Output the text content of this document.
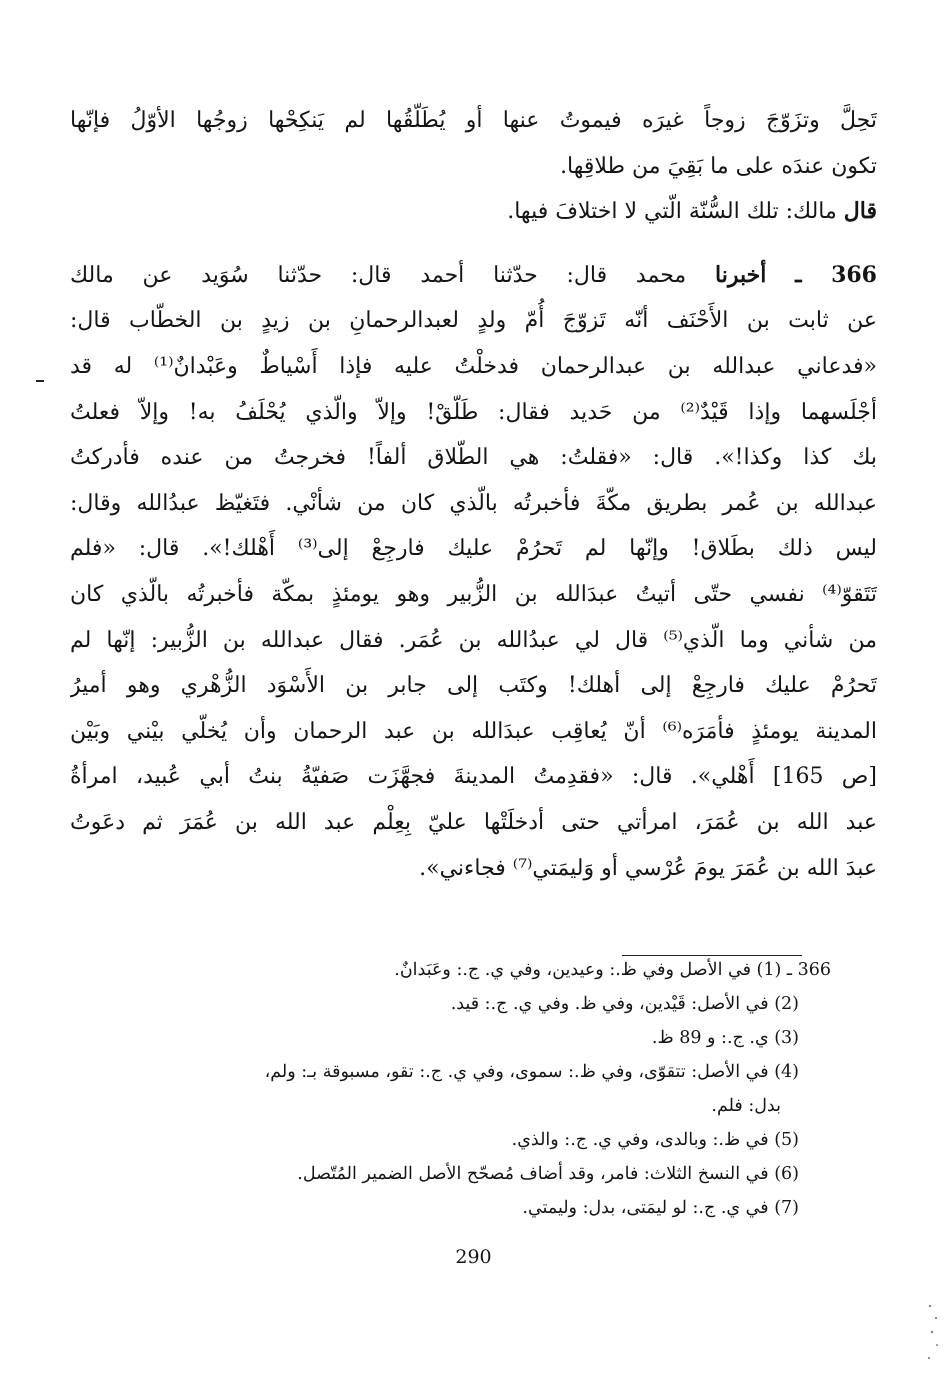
تَحِلَّ وتزَوّجَ زوجاً غيرَه فيموتُ عنها أو يُطَلّقُها لم يَنكِحْها زوجُها الأوّلُ فإنّها
تكون عندَه على ما بَقِيَ من طلاقِها.
قال مالك: تلك السُّنّة الّتي لا اختلافَ فيها.
366 ـ أخبرنا محمد قال: حدّثنا أحمد قال: حدّثنا سُوَيد عن مالك
عن ثابت بن الأَحْنَف أنّه تَزوّجَ أُمّ ولدٍ لعبدالرحمانِ بن زيدٍ بن الخطّاب قال:
«فدعاني عبدالله بن عبدالرحمان فدخلْتُ عليه فإذا أَسْياطٌ وعَبْدانٌ⁽¹⁾ له قد
أجْلَسهما وإذا قَيْدٌ⁽²⁾ من حَديد فقال: طَلّقْ! وإلاّ والّذي يُحْلَفُ به! وإلاّ فعلتُ
بك كذا وكذا!». قال: «فقلتُ: هي الطّلاق ألفاً! فخرجتُ من عنده فأدركتُ
عبدالله بن عُمر بطريق مكّةَ فأخبرتُه بالّذي كان من شأنْي. فتَغيّظ عبدُالله وقال:
ليس ذلك بطَلاق! وإنّها لم تَحرُمْ عليك فارجِعْ إلى⁽³⁾ أَهْلك!». قال: «فلم
تَتَقوّ⁽⁴⁾ نفسي حتّى أتيتُ عبدَالله بن الزُّبير وهو يومئذٍ بمكّة فأخبرتُه بالّذي كان
من شأني وما الّذي⁽⁵⁾ قال لي عبدُالله بن عُمَر. فقال عبدالله بن الزُّبير: إنّها لم
تَحرُمْ عليك فارجِعْ إلى أهلك! وكتَب إلى جابر بن الأَسْوَد الزُّهْري وهو أميرُ
المدينة يومئذٍ فأمَرَه⁽⁶⁾ أنّ يُعاقِب عبدَالله بن عبد الرحمان وأن يُخلّي بيْني وبَيْن
[ص 165] أَهْلي». قال: «فقدِمتُ المدينةَ فجهَّزَت صَفيّةُ بنتُ أبي عُبيد، امرأةُ
عبد الله بن عُمَرَ، امرأتي حتى أدخلَتْها عليّ بِعِلْم عبد الله بن عُمَرَ ثم دعَوتُ
عبدَ الله بن عُمَرَ يومَ عُرْسي أو وَليمَتي⁽⁷⁾ فجاءني».
366 ـ (1) في الأصل وفي ظ.: وعيدين، وفي ي. ج.: وعَبَدانٌ.
(2) في الأصل: قَيْدين، وفي ظ. وفي ي. ج.: قيد.
(3) ي. ج.: و 89 ظ.
(4) في الأصل: تتقوّى، وفي ظ.: سموى، وفي ي. ج.: تقو، مسبوقة بـ: ولم،
بدل: فلم.
(5) في ظ.: وبالدى، وفي ي. ج.: والذي.
(6) في النسخ الثلاث: فامر، وقد أضاف مُصحّح الأصل الضمير المُتّصل.
(7) في ي. ج.: لو ليمَتى، بدل: وليمتي.
290
